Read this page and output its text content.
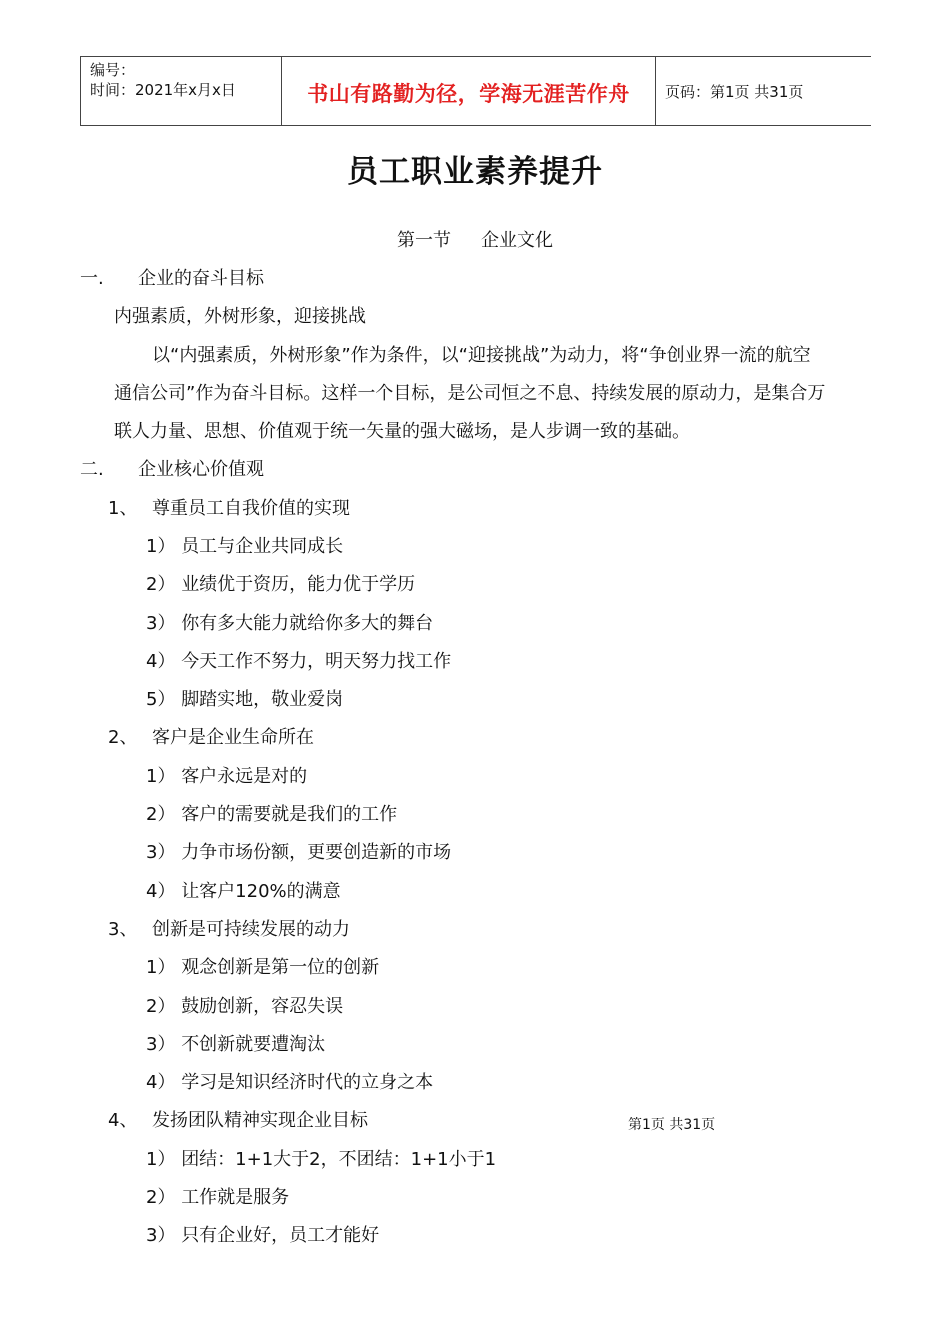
编号：
时间：2021年x月x日	书山有路勤为径，学海无涯苦作舟	页码：第1页 共31页
员工职业素养提升
第一节 企业文化
一. 企业的奋斗目标
内强素质，外树形象，迎接挑战
以“内强素质，外树形象”作为条件，以“迎接挑战”为动力，将“争创业界一流的航空
通信公司”作为奋斗目标。这样一个目标，是公司恒之不息、持续发展的原动力，是集合万
联人力量、思想、价值观于统一矢量的强大磁场，是人步调一致的基础。
二. 企业核心价值观
1、 尊重员工自我价值的实现
1） 员工与企业共同成长
2） 业绩优于资历，能力优于学历
3） 你有多大能力就给你多大的舞台
4） 今天工作不努力，明天努力找工作
5） 脚踏实地，敬业爱岗
2、 客户是企业生命所在
1） 客户永远是对的
2） 客户的需要就是我们的工作
3） 力争市场份额，更要创造新的市场
4） 让客户120%的满意
3、 创新是可持续发展的动力
1） 观念创新是第一位的创新
2） 鼓励创新，容忍失误
3） 不创新就要遭淘汰
4） 学习是知识经济时代的立身之本
4、 发扬团队精神实现企业目标	第1页 共31页
1） 团结：1+1大于2，不团结：1+1小于1
2） 工作就是服务
3） 只有企业好，员工才能好
